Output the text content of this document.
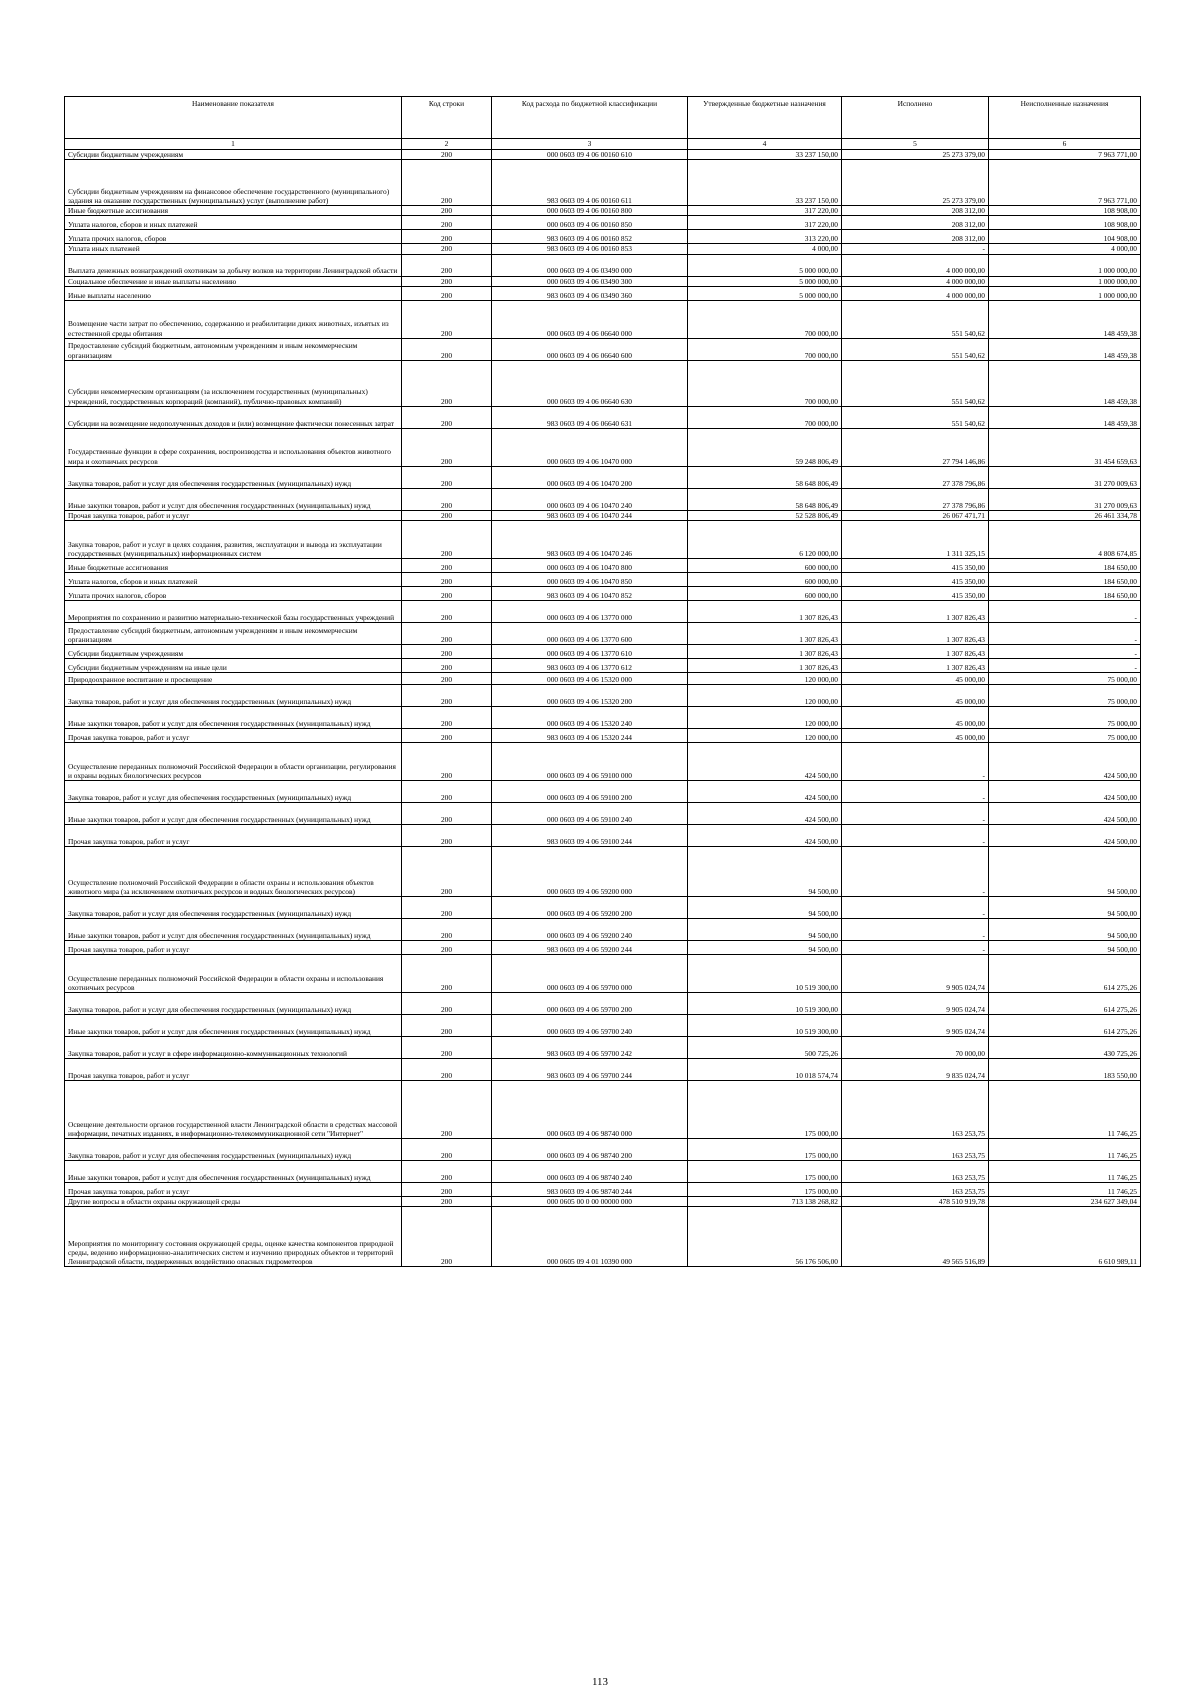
Наименование показателя	Код строки	Код расхода по бюджетной классификации	Утвержденные бюджетные назначения	Исполнено	Неисполненные назначения
1	2	3	4	5	6
Субсидии бюджетным учреждениям	200	000 0603 09 4 06 00160 610	33 237 150,00	25 273 379,00	7 963 771,00
Субсидии бюджетным учреждениям на финансовое обеспечение государственного (муниципального) задания на оказание государственных (муниципальных) услуг (выполнение работ)	200	983 0603 09 4 06 00160 611	33 237 150,00	25 273 379,00	7 963 771,00
Иные бюджетные ассигнования	200	000 0603 09 4 06 00160 800	317 220,00	208 312,00	108 908,00
Уплата налогов, сборов и иных платежей	200	000 0603 09 4 06 00160 850	317 220,00	208 312,00	108 908,00
Уплата прочих налогов, сборов	200	983 0603 09 4 06 00160 852	313 220,00	208 312,00	104 908,00
Уплата иных платежей	200	983 0603 09 4 06 00160 853	4 000,00	-	4 000,00
Выплата денежных вознаграждений охотникам за добычу волков на территории Ленинградской области	200	000 0603 09 4 06 03490 000	5 000 000,00	4 000 000,00	1 000 000,00
Социальное обеспечение и иные выплаты населению	200	000 0603 09 4 06 03490 300	5 000 000,00	4 000 000,00	1 000 000,00
Иные выплаты населению	200	983 0603 09 4 06 03490 360	5 000 000,00	4 000 000,00	1 000 000,00
Возмещение части затрат по обеспечению, содержанию и реабилитации диких животных, изъятых из естественной среды обитания	200	000 0603 09 4 06 06640 000	700 000,00	551 540,62	148 459,38
Предоставление субсидий бюджетным, автономным учреждениям и иным некоммерческим организациям	200	000 0603 09 4 06 06640 600	700 000,00	551 540,62	148 459,38
Субсидии некоммерческим организациям (за исключением государственных (муниципальных) учреждений, государственных корпораций (компаний), публично-правовых компаний)	200	000 0603 09 4 06 06640 630	700 000,00	551 540,62	148 459,38
Субсидии на возмещение недополученных доходов и (или) возмещение фактически понесенных затрат	200	983 0603 09 4 06 06640 631	700 000,00	551 540,62	148 459,38
Государственные функции в сфере сохранения, воспроизводства и использования объектов животного мира и охотничьих ресурсов	200	000 0603 09 4 06 10470 000	59 248 806,49	27 794 146,86	31 454 659,63
Закупка товаров, работ и услуг для обеспечения государственных (муниципальных) нужд	200	000 0603 09 4 06 10470 200	58 648 806,49	27 378 796,86	31 270 009,63
Иные закупки товаров, работ и услуг для обеспечения государственных (муниципальных) нужд	200	000 0603 09 4 06 10470 240	58 648 806,49	27 378 796,86	31 270 009,63
Прочая закупка товаров, работ и услуг	200	983 0603 09 4 06 10470 244	52 528 806,49	26 067 471,71	26 461 334,78
Закупка товаров, работ и услуг в целях создания, развития, эксплуатации и вывода из эксплуатации государственных (муниципальных) информационных систем	200	983 0603 09 4 06 10470 246	6 120 000,00	1 311 325,15	4 808 674,85
Иные бюджетные ассигнования	200	000 0603 09 4 06 10470 800	600 000,00	415 350,00	184 650,00
Уплата налогов, сборов и иных платежей	200	000 0603 09 4 06 10470 850	600 000,00	415 350,00	184 650,00
Уплата прочих налогов, сборов	200	983 0603 09 4 06 10470 852	600 000,00	415 350,00	184 650,00
Мероприятия по сохранению и развитию материально-технической базы государственных учреждений	200	000 0603 09 4 06 13770 000	1 307 826,43	1 307 826,43	-
Предоставление субсидий бюджетным, автономным учреждениям и иным некоммерческим организациям	200	000 0603 09 4 06 13770 600	1 307 826,43	1 307 826,43	-
Субсидии бюджетным учреждениям	200	000 0603 09 4 06 13770 610	1 307 826,43	1 307 826,43	-
Субсидии бюджетным учреждениям на иные цели	200	983 0603 09 4 06 13770 612	1 307 826,43	1 307 826,43	-
Природоохранное воспитание и просвещение	200	000 0603 09 4 06 15320 000	120 000,00	45 000,00	75 000,00
Закупка товаров, работ и услуг для обеспечения государственных (муниципальных) нужд	200	000 0603 09 4 06 15320 200	120 000,00	45 000,00	75 000,00
Иные закупки товаров, работ и услуг для обеспечения государственных (муниципальных) нужд	200	000 0603 09 4 06 15320 240	120 000,00	45 000,00	75 000,00
Прочая закупка товаров, работ и услуг	200	983 0603 09 4 06 15320 244	120 000,00	45 000,00	75 000,00
Осуществление переданных полномочий Российской Федерации в области организации, регулирования и охраны водных биологических ресурсов	200	000 0603 09 4 06 59100 000	424 500,00	-	424 500,00
Закупка товаров, работ и услуг для обеспечения государственных (муниципальных) нужд	200	000 0603 09 4 06 59100 200	424 500,00	-	424 500,00
Иные закупки товаров, работ и услуг для обеспечения государственных (муниципальных) нужд	200	000 0603 09 4 06 59100 240	424 500,00	-	424 500,00
Прочая закупка товаров, работ и услуг	200	983 0603 09 4 06 59100 244	424 500,00	-	424 500,00
Осуществление полномочий Российской Федерации в области охраны и использования объектов животного мира (за исключением охотничьих ресурсов и водных биологических ресурсов)	200	000 0603 09 4 06 59200 000	94 500,00	-	94 500,00
Закупка товаров, работ и услуг для обеспечения государственных (муниципальных) нужд	200	000 0603 09 4 06 59200 200	94 500,00	-	94 500,00
Иные закупки товаров, работ и услуг для обеспечения государственных (муниципальных) нужд	200	000 0603 09 4 06 59200 240	94 500,00	-	94 500,00
Прочая закупка товаров, работ и услуг	200	983 0603 09 4 06 59200 244	94 500,00	-	94 500,00
Осуществление переданных полномочий Российской Федерации в области охраны и использования охотничьих ресурсов	200	000 0603 09 4 06 59700 000	10 519 300,00	9 905 024,74	614 275,26
Закупка товаров, работ и услуг для обеспечения государственных (муниципальных) нужд	200	000 0603 09 4 06 59700 200	10 519 300,00	9 905 024,74	614 275,26
Иные закупки товаров, работ и услуг для обеспечения государственных (муниципальных) нужд	200	000 0603 09 4 06 59700 240	10 519 300,00	9 905 024,74	614 275,26
Закупка товаров, работ и услуг в сфере информационно-коммуникационных технологий	200	983 0603 09 4 06 59700 242	500 725,26	70 000,00	430 725,26
Прочая закупка товаров, работ и услуг	200	983 0603 09 4 06 59700 244	10 018 574,74	9 835 024,74	183 550,00
Освещение деятельности органов государственной власти Ленинградской области в средствах массовой информации, печатных изданиях, в информационно-телекоммуникационной сети "Интернет"	200	000 0603 09 4 06 98740 000	175 000,00	163 253,75	11 746,25
Закупка товаров, работ и услуг для обеспечения государственных (муниципальных) нужд	200	000 0603 09 4 06 98740 200	175 000,00	163 253,75	11 746,25
Иные закупки товаров, работ и услуг для обеспечения государственных (муниципальных) нужд	200	000 0603 09 4 06 98740 240	175 000,00	163 253,75	11 746,25
Прочая закупка товаров, работ и услуг	200	983 0603 09 4 06 98740 244	175 000,00	163 253,75	11 746,25
Другие вопросы в области охраны окружающей среды	200	000 0605 00 0 00 00000 000	713 138 268,82	478 510 919,78	234 627 349,04
Мероприятия по мониторингу состояния окружающей среды, оценке качества компонентов природной среды, ведению информационно-аналитических систем и изучению природных объектов и территорий Ленинградской области, подверженных воздействию опасных гидрометеоров	200	000 0605 09 4 01 10390 000	56 176 506,00	49 565 516,89	6 610 989,11
113
